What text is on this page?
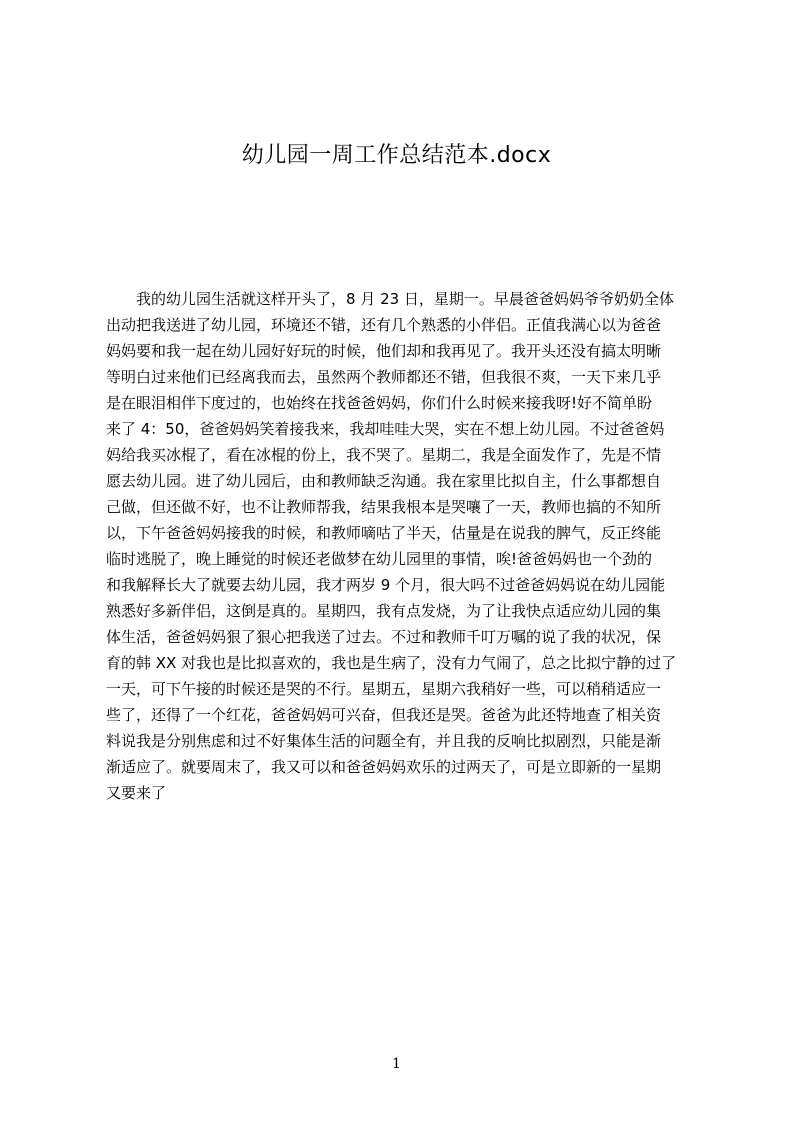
幼儿园一周工作总结范本.docx
　　我的幼儿园生活就这样开头了，8 月 23 日，星期一。早晨爸爸妈妈爷爷奶奶全体
出动把我送进了幼儿园，环境还不错，还有几个熟悉的小伴侣。正值我满心以为爸爸
妈妈要和我一起在幼儿园好好玩的时候，他们却和我再见了。我开头还没有搞太明晰
等明白过来他们已经离我而去，虽然两个教师都还不错，但我很不爽，一天下来几乎
是在眼泪相伴下度过的，也始终在找爸爸妈妈，你们什么时候来接我呀!好不简单盼
来了 4：50，爸爸妈妈笑着接我来，我却哇哇大哭，实在不想上幼儿园。不过爸爸妈
妈给我买冰棍了，看在冰棍的份上，我不哭了。星期二，我是全面发作了，先是不情
愿去幼儿园。进了幼儿园后，由和教师缺乏沟通。我在家里比拟自主，什么事都想自
己做，但还做不好，也不让教师帮我，结果我根本是哭嚷了一天，教师也搞的不知所
以，下午爸爸妈妈接我的时候，和教师嘀咕了半天，估量是在说我的脾气，反正终能
临时逃脱了，晚上睡觉的时候还老做梦在幼儿园里的事情，唉!爸爸妈妈也一个劲的
和我解释长大了就要去幼儿园，我才两岁 9 个月，很大吗不过爸爸妈妈说在幼儿园能
熟悉好多新伴侣，这倒是真的。星期四，我有点发烧，为了让我快点适应幼儿园的集
体生活，爸爸妈妈狠了狠心把我送了过去。不过和教师千叮万嘱的说了我的状况，保
育的韩 XX 对我也是比拟喜欢的，我也是生病了，没有力气闹了，总之比拟宁静的过了
一天，可下午接的时候还是哭的不行。星期五，星期六我稍好一些，可以稍稍适应一
些了，还得了一个红花，爸爸妈妈可兴奋，但我还是哭。爸爸为此还特地查了相关资
料说我是分别焦虑和过不好集体生活的问题全有，并且我的反响比拟剧烈，只能是渐
渐适应了。就要周末了，我又可以和爸爸妈妈欢乐的过两天了，可是立即新的一星期
又要来了
1
